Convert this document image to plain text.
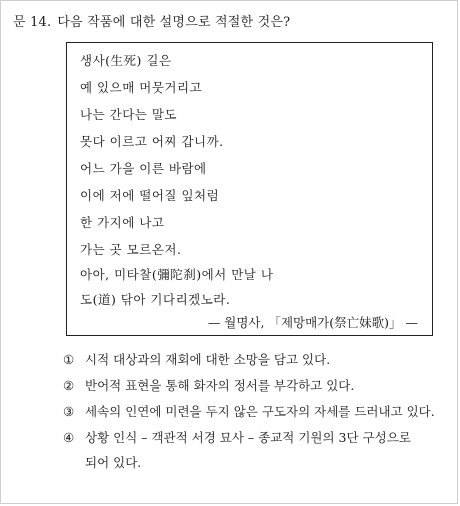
문 14. 다음 작품에 대한 설명으로 적절한 것은?
생사(生死) 길은
예 있으매 머뭇거리고
나는 간다는 말도
못다 이르고 어찌 갑니까.
어느 가을 이른 바람에
이에 저에 떨어질 잎처럼
한 가지에 나고
가는 곳 모르온저.
아아, 미타찰(彌陀刹)에서 만날 나
도(道) 닦아 기다리겠노라.
— 월명사, 「제망매가(祭亡妹歌)」 —
① 시적 대상과의 재회에 대한 소망을 담고 있다.
② 반어적 표현을 통해 화자의 정서를 부각하고 있다.
③ 세속의 인연에 미련을 두지 않은 구도자의 자세를 드러내고 있다.
④ 상황 인식 – 객관적 서경 묘사 – 종교적 기원의 3단 구성으로
되어 있다.
